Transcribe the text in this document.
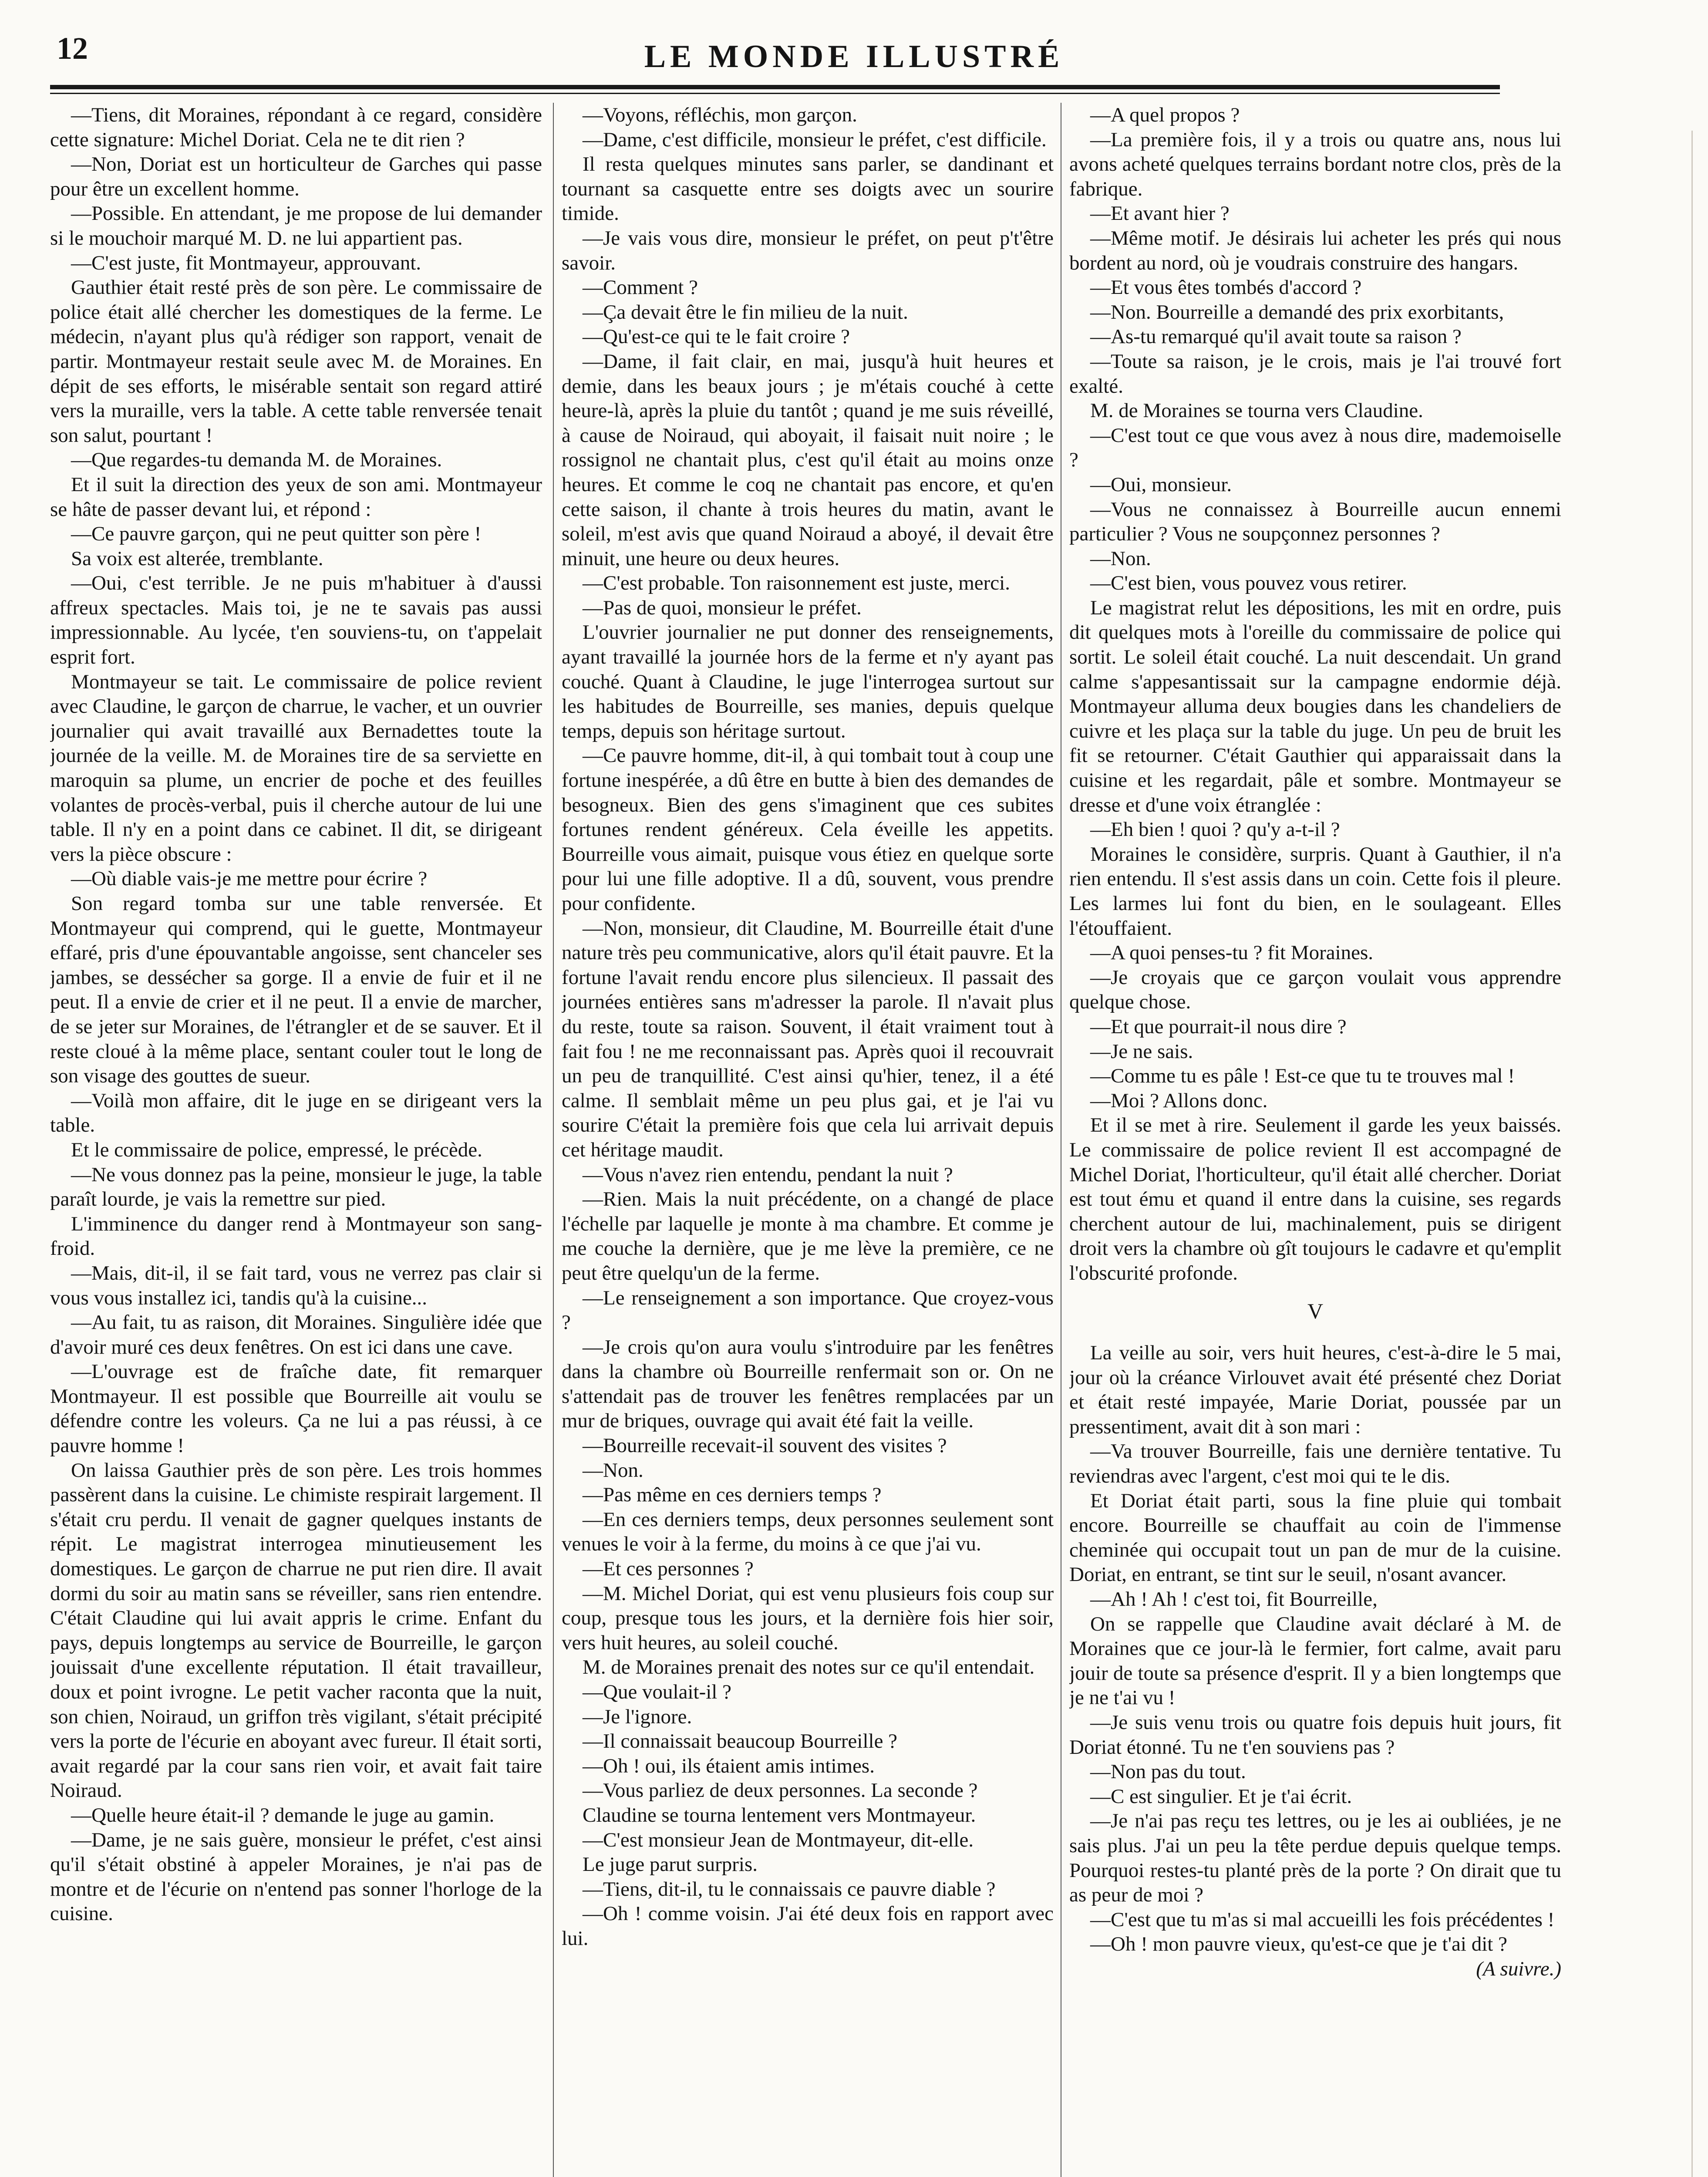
12	LE MONDE ILLUSTRÉ

—Tiens, dit Moraines, répondant à ce regard, considère cette signature: Michel Doriat. Cela ne te dit rien ?

—Non, Doriat est un horticulteur de Garches qui passe pour être un excellent homme.

—Possible. En attendant, je me propose de lui demander si le mouchoir marqué M. D. ne lui appartient pas.

—C'est juste, fit Montmayeur, approuvant.

Gauthier était resté près de son père. Le commissaire de police était allé chercher les domestiques de la ferme. Le médecin, n'ayant plus qu'à rédiger son rapport, venait de partir. Montmayeur restait seule avec M. de Moraines. En dépit de ses efforts, le misérable sentait son regard attiré vers la muraille, vers la table. A cette table renversée tenait son salut, pourtant !

—Que regardes-tu demanda M. de Moraines.

Et il suit la direction des yeux de son ami. Montmayeur se hâte de passer devant lui, et répond :

—Ce pauvre garçon, qui ne peut quitter son père !

Sa voix est alterée, tremblante.

—Oui, c'est terrible. Je ne puis m'habituer à d'aussi affreux spectacles. Mais toi, je ne te savais pas aussi impressionnable. Au lycée, t'en souviens-tu, on t'appelait esprit fort.

Montmayeur se tait. Le commissaire de police revient avec Claudine, le garçon de charrue, le vacher, et un ouvrier journalier qui avait travaillé aux Bernadettes toute la journée de la veille. M. de Moraines tire de sa serviette en maroquin sa plume, un encrier de poche et des feuilles volantes de procès-verbal, puis il cherche autour de lui une table. Il n'y en a point dans ce cabinet. Il dit, se dirigeant vers la pièce obscure :

—Où diable vais-je me mettre pour écrire ?

Son regard tomba sur une table renversée. Et Montmayeur qui comprend, qui le guette, Montmayeur effaré, pris d'une épouvantable angoisse, sent chanceler ses jambes, se dessécher sa gorge. Il a envie de fuir et il ne peut. Il a envie de crier et il ne peut. Il a envie de marcher, de se jeter sur Moraines, de l'étrangler et de se sauver. Et il reste cloué à la même place, sentant couler tout le long de son visage des gouttes de sueur.

—Voilà mon affaire, dit le juge en se dirigeant vers la table.

Et le commissaire de police, empressé, le précède.

—Ne vous donnez pas la peine, monsieur le juge, la table paraît lourde, je vais la remettre sur pied.

L'imminence du danger rend à Montmayeur son sang-froid.

—Mais, dit-il, il se fait tard, vous ne verrez pas clair si vous vous installez ici, tandis qu'à la cuisine...

—Au fait, tu as raison, dit Moraines. Singulière idée que d'avoir muré ces deux fenêtres. On est ici dans une cave.

—L'ouvrage est de fraîche date, fit remarquer Montmayeur. Il est possible que Bourreille ait voulu se défendre contre les voleurs. Ça ne lui a pas réussi, à ce pauvre homme !

On laissa Gauthier près de son père. Les trois hommes passèrent dans la cuisine. Le chimiste respirait largement. Il s'était cru perdu. Il venait de gagner quelques instants de répit. Le magistrat interrogea minutieusement les domestiques. Le garçon de charrue ne put rien dire. Il avait dormi du soir au matin sans se réveiller, sans rien entendre. C'était Claudine qui lui avait appris le crime. Enfant du pays, depuis longtemps au service de Bourreille, le garçon jouissait d'une excellente réputation. Il était travailleur, doux et point ivrogne. Le petit vacher raconta que la nuit, son chien, Noiraud, un griffon très vigilant, s'était précipité vers la porte de l'écurie en aboyant avec fureur. Il était sorti, avait regardé par la cour sans rien voir, et avait fait taire Noiraud.

—Quelle heure était-il ? demande le juge au gamin.

—Dame, je ne sais guère, monsieur le préfet, c'est ainsi qu'il s'était obstiné à appeler Moraines, je n'ai pas de montre et de l'écurie on n'entend pas sonner l'horloge de la cuisine.

—Voyons, réfléchis, mon garçon.

—Dame, c'est difficile, monsieur le préfet, c'est difficile.

Il resta quelques minutes sans parler, se dandinant et tournant sa casquette entre ses doigts avec un sourire timide.

—Je vais vous dire, monsieur le préfet, on peut p't'être savoir.

—Comment ?

—Ça devait être le fin milieu de la nuit.

—Qu'est-ce qui te le fait croire ?

—Dame, il fait clair, en mai, jusqu'à huit heures et demie, dans les beaux jours ; je m'étais couché à cette heure-là, après la pluie du tantôt ; quand je me suis réveillé, à cause de Noiraud, qui aboyait, il faisait nuit noire ; le rossignol ne chantait plus, c'est qu'il était au moins onze heures. Et comme le coq ne chantait pas encore, et qu'en cette saison, il chante à trois heures du matin, avant le soleil, m'est avis que quand Noiraud a aboyé, il devait être minuit, une heure ou deux heures.

—C'est probable. Ton raisonnement est juste, merci.

—Pas de quoi, monsieur le préfet.

L'ouvrier journalier ne put donner des renseignements, ayant travaillé la journée hors de la ferme et n'y ayant pas couché. Quant à Claudine, le juge l'interrogea surtout sur les habitudes de Bourreille, ses manies, depuis quelque temps, depuis son héritage surtout.

—Ce pauvre homme, dit-il, à qui tombait tout à coup une fortune inespérée, a dû être en butte à bien des demandes de besogneux. Bien des gens s'imaginent que ces subites fortunes rendent généreux. Cela éveille les appetits. Bourreille vous aimait, puisque vous étiez en quelque sorte pour lui une fille adoptive. Il a dû, souvent, vous prendre pour confidente.

—Non, monsieur, dit Claudine, M. Bourreille était d'une nature très peu communicative, alors qu'il était pauvre. Et la fortune l'avait rendu encore plus silencieux. Il passait des journées entières sans m'adresser la parole. Il n'avait plus du reste, toute sa raison. Souvent, il était vraiment tout à fait fou ! ne me reconnaissant pas. Après quoi il recouvrait un peu de tranquillité. C'est ainsi qu'hier, tenez, il a été calme. Il semblait même un peu plus gai, et je l'ai vu sourire C'était la première fois que cela lui arrivait depuis cet héritage maudit.

—Vous n'avez rien entendu, pendant la nuit ?

—Rien. Mais la nuit précédente, on a changé de place l'échelle par laquelle je monte à ma chambre. Et comme je me couche la dernière, que je me lève la première, ce ne peut être quelqu'un de la ferme.

—Le renseignement a son importance. Que croyez-vous ?

—Je crois qu'on aura voulu s'introduire par les fenêtres dans la chambre où Bourreille renfermait son or. On ne s'attendait pas de trouver les fenêtres remplacées par un mur de briques, ouvrage qui avait été fait la veille.

—Bourreille recevait-il souvent des visites ?

—Non.

—Pas même en ces derniers temps ?

—En ces derniers temps, deux personnes seulement sont venues le voir à la ferme, du moins à ce que j'ai vu.

—Et ces personnes ?

—M. Michel Doriat, qui est venu plusieurs fois coup sur coup, presque tous les jours, et la dernière fois hier soir, vers huit heures, au soleil couché.

M. de Moraines prenait des notes sur ce qu'il entendait.

—Que voulait-il ?

—Je l'ignore.

—Il connaissait beaucoup Bourreille ?

—Oh ! oui, ils étaient amis intimes.

—Vous parliez de deux personnes. La seconde ?

Claudine se tourna lentement vers Montmayeur.

—C'est monsieur Jean de Montmayeur, dit-elle.

Le juge parut surpris.

—Tiens, dit-il, tu le connaissais ce pauvre diable ?

—Oh ! comme voisin. J'ai été deux fois en rapport avec lui.

—A quel propos ?

—La première fois, il y a trois ou quatre ans, nous lui avons acheté quelques terrains bordant notre clos, près de la fabrique.

—Et avant hier ?

—Même motif. Je désirais lui acheter les prés qui nous bordent au nord, où je voudrais construire des hangars.

—Et vous êtes tombés d'accord ?

—Non. Bourreille a demandé des prix exorbitants,

—As-tu remarqué qu'il avait toute sa raison ?

—Toute sa raison, je le crois, mais je l'ai trouvé fort exalté.

M. de Moraines se tourna vers Claudine.

—C'est tout ce que vous avez à nous dire, mademoiselle ?

—Oui, monsieur.

—Vous ne connaissez à Bourreille aucun ennemi particulier ? Vous ne soupçonnez personnes ?

—Non.

—C'est bien, vous pouvez vous retirer.

Le magistrat relut les dépositions, les mit en ordre, puis dit quelques mots à l'oreille du commissaire de police qui sortit. Le soleil était couché. La nuit descendait. Un grand calme s'appesantissait sur la campagne endormie déjà. Montmayeur alluma deux bougies dans les chandeliers de cuivre et les plaça sur la table du juge. Un peu de bruit les fit se retourner. C'était Gauthier qui apparaissait dans la cuisine et les regardait, pâle et sombre. Montmayeur se dresse et d'une voix étranglée :

—Eh bien ! quoi ? qu'y a-t-il ?

Moraines le considère, surpris. Quant à Gauthier, il n'a rien entendu. Il s'est assis dans un coin. Cette fois il pleure. Les larmes lui font du bien, en le soulageant. Elles l'étouffaient.

—A quoi penses-tu ? fit Moraines.

—Je croyais que ce garçon voulait vous apprendre quelque chose.

—Et que pourrait-il nous dire ?

—Je ne sais.

—Comme tu es pâle ! Est-ce que tu te trouves mal !

—Moi ? Allons donc.

Et il se met à rire. Seulement il garde les yeux baissés. Le commissaire de police revient Il est accompagné de Michel Doriat, l'horticulteur, qu'il était allé chercher. Doriat est tout ému et quand il entre dans la cuisine, ses regards cherchent autour de lui, machinalement, puis se dirigent droit vers la chambre où gît toujours le cadavre et qu'emplit l'obscurité profonde.

V

La veille au soir, vers huit heures, c'est-à-dire le 5 mai, jour où la créance Virlouvet avait été présenté chez Doriat et était resté impayée, Marie Doriat, poussée par un pressentiment, avait dit à son mari :

—Va trouver Bourreille, fais une dernière tentative. Tu reviendras avec l'argent, c'est moi qui te le dis.

Et Doriat était parti, sous la fine pluie qui tombait encore. Bourreille se chauffait au coin de l'immense cheminée qui occupait tout un pan de mur de la cuisine. Doriat, en entrant, se tint sur le seuil, n'osant avancer.

—Ah ! Ah ! c'est toi, fit Bourreille,

On se rappelle que Claudine avait déclaré à M. de Moraines que ce jour-là le fermier, fort calme, avait paru jouir de toute sa présence d'esprit. Il y a bien longtemps que je ne t'ai vu !

—Je suis venu trois ou quatre fois depuis huit jours, fit Doriat étonné. Tu ne t'en souviens pas ?

—Non pas du tout.

—C est singulier. Et je t'ai écrit.

—Je n'ai pas reçu tes lettres, ou je les ai oubliées, je ne sais plus. J'ai un peu la tête perdue depuis quelque temps. Pourquoi restes-tu planté près de la porte ? On dirait que tu as peur de moi ?

—C'est que tu m'as si mal accueilli les fois précédentes !

—Oh ! mon pauvre vieux, qu'est-ce que je t'ai dit ?
(A suivre.)
